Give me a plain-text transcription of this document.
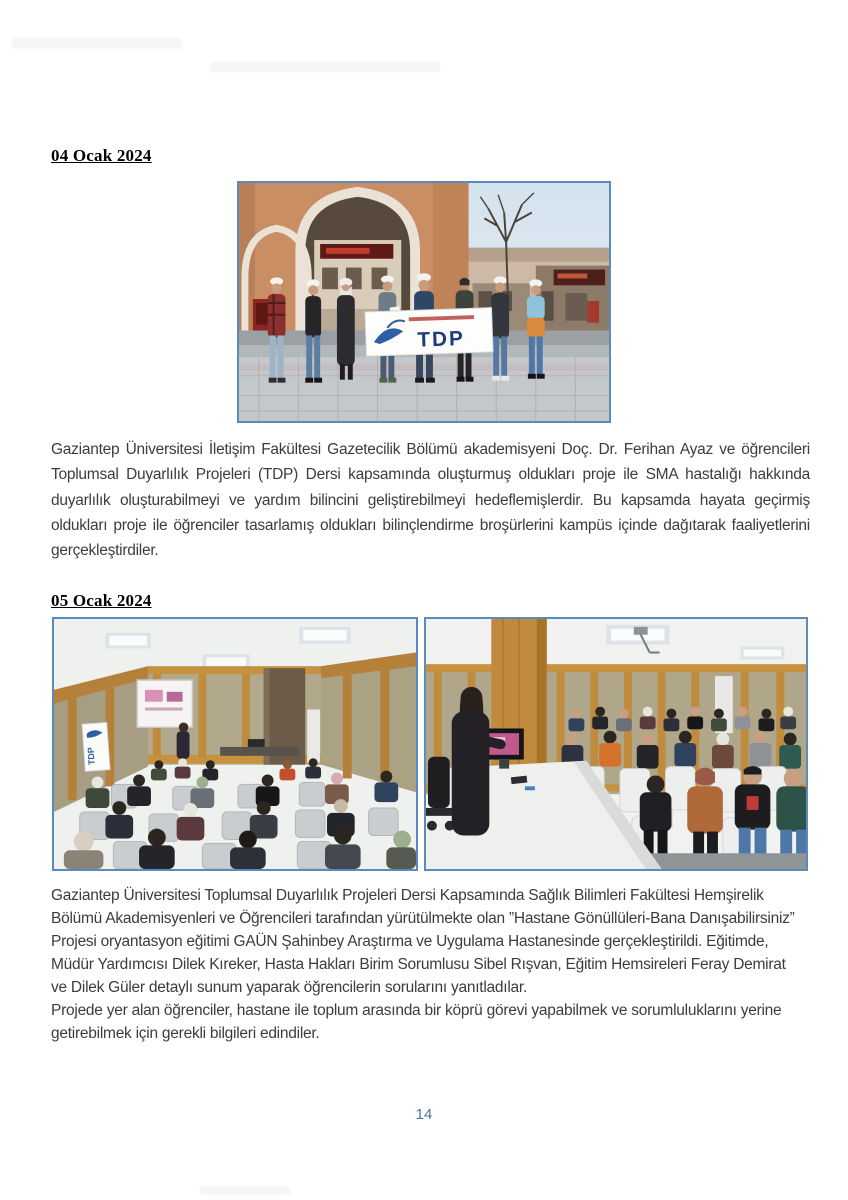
04 Ocak 2024
TDP
Gaziantep Üniversitesi İletişim Fakültesi Gazetecilik Bölümü akademisyeni Doç. Dr. Ferihan Ayaz ve öğrencileri Toplumsal Duyarlılık Projeleri (TDP) Dersi kapsamında oluşturmuş oldukları proje ile SMA hastalığı hakkında duyarlılık oluşturabilmeyi ve yardım bilincini geliştirebilmeyi hedeflemişlerdir. Bu kapsamda hayata geçirmiş oldukları proje ile öğrenciler tasarlamış oldukları bilinçlendirme broşürlerini kampüs içinde dağıtarak faaliyetlerini gerçekleştirdiler.
05 Ocak 2024
TDP

Gaziantep Üniversitesi Toplumsal Duyarlılık Projeleri Dersi Kapsamında Sağlık Bilimleri Fakültesi Hemşirelik Bölümü Akademisyenleri ve Öğrencileri tarafından yürütülmekte olan ”Hastane Gönüllüleri-Bana Danışabilirsiniz” Projesi oryantasyon eğitimi GAÜN Şahinbey Araştırma ve Uygulama Hastanesinde gerçekleştirildi. Eğitimde, Müdür Yardımcısı Dilek Kıreker, Hasta Hakları Birim Sorumlusu Sibel Rışvan, Eğitim Hemsireleri Feray Demirat ve Dilek Güler detaylı sunum yaparak öğrencilerin sorularını yanıtladılar.

Projede yer alan öğrenciler, hastane ile toplum arasında bir köprü görevi yapabilmek ve sorumluluklarını yerine getirebilmek için gerekli bilgileri edindiler.

14
